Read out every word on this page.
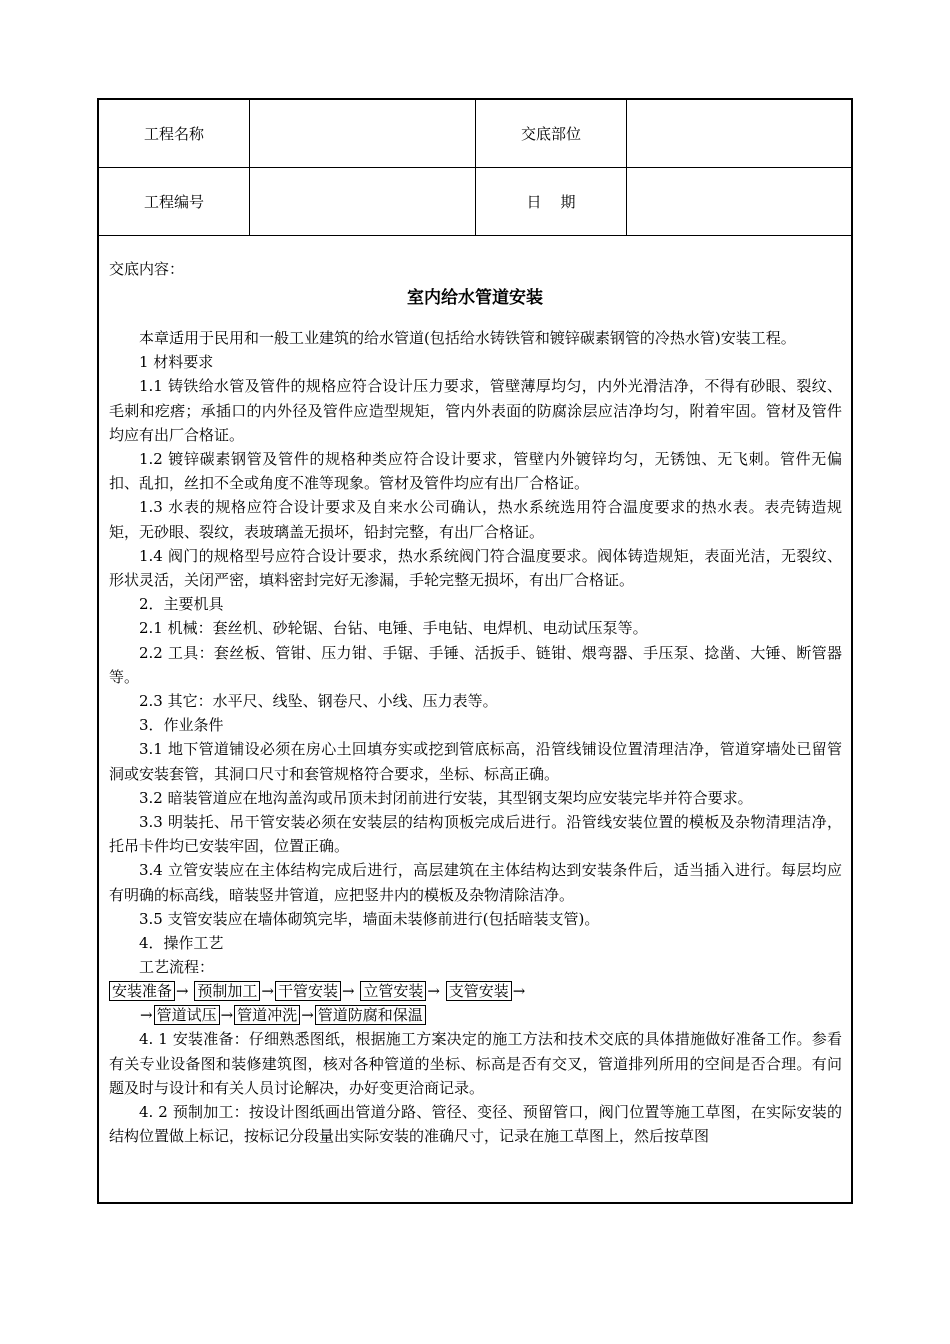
工程名称	交底部位
工程编号	日    期
交底内容：
室内给水管道安装

本章适用于民用和一般工业建筑的给水管道(包括给水铸铁管和镀锌碳素钢管的冷热水管)安装工程。

1 材料要求

1.1 铸铁给水管及管件的规格应符合设计压力要求，管壁薄厚均匀，内外光滑洁净，不得有砂眼、裂纹、毛刺和疙瘩；承插口的内外径及管件应造型规矩，管内外表面的防腐涂层应洁净均匀，附着牢固。管材及管件均应有出厂合格证。

1.2 镀锌碳素钢管及管件的规格种类应符合设计要求，管壁内外镀锌均匀，无锈蚀、无飞刺。管件无偏扣、乱扣，丝扣不全或角度不准等现象。管材及管件均应有出厂合格证。

1.3 水表的规格应符合设计要求及自来水公司确认，热水系统选用符合温度要求的热水表。表壳铸造规矩，无砂眼、裂纹，表玻璃盖无损坏，铅封完整，有出厂合格证。

1.4 阀门的规格型号应符合设计要求，热水系统阀门符合温度要求。阀体铸造规矩，表面光洁，无裂纹、形状灵活，关闭严密，填料密封完好无渗漏，手轮完整无损坏，有出厂合格证。

2．主要机具

2.1 机械：套丝机、砂轮锯、台钻、电锤、手电钻、电焊机、电动试压泵等。

2.2 工具：套丝板、管钳、压力钳、手锯、手锤、活扳手、链钳、煨弯器、手压泵、捻凿、大锤、断管器等。

2.3 其它：水平尺、线坠、钢卷尺、小线、压力表等。

3．作业条件

3.1 地下管道铺设必须在房心土回填夯实或挖到管底标高，沿管线铺设位置清理洁净，管道穿墙处已留管洞或安装套管，其洞口尺寸和套管规格符合要求，坐标、标高正确。

3.2 暗装管道应在地沟盖沟或吊顶未封闭前进行安装，其型钢支架均应安装完毕并符合要求。

3.3 明装托、吊干管安装必须在安装层的结构顶板完成后进行。沿管线安装位置的模板及杂物清理洁净，托吊卡件均已安装牢固，位置正确。

3.4 立管安装应在主体结构完成后进行，高层建筑在主体结构达到安装条件后，适当插入进行。每层均应有明确的标高线，暗装竖井管道，应把竖井内的模板及杂物清除洁净。

3.5 支管安装应在墙体砌筑完毕，墙面未装修前进行(包括暗装支管)。

4．操作工艺

工艺流程：

安装准备 → 预制加工 → 干管安装 → 立管安装 → 支管安装 →
→ 管道试压 → 管道冲洗 → 管道防腐和保温

4. 1 安装准备：仔细熟悉图纸，根据施工方案决定的施工方法和技术交底的具体措施做好准备工作。参看有关专业设备图和装修建筑图，核对各种管道的坐标、标高是否有交叉，管道排列所用的空间是否合理。有问题及时与设计和有关人员讨论解决，办好变更洽商记录。

4. 2 预制加工：按设计图纸画出管道分路、管径、变径、预留管口，阀门位置等施工草图，在实际安装的结构位置做上标记，按标记分段量出实际安装的准确尺寸，记录在施工草图上，然后按草图
